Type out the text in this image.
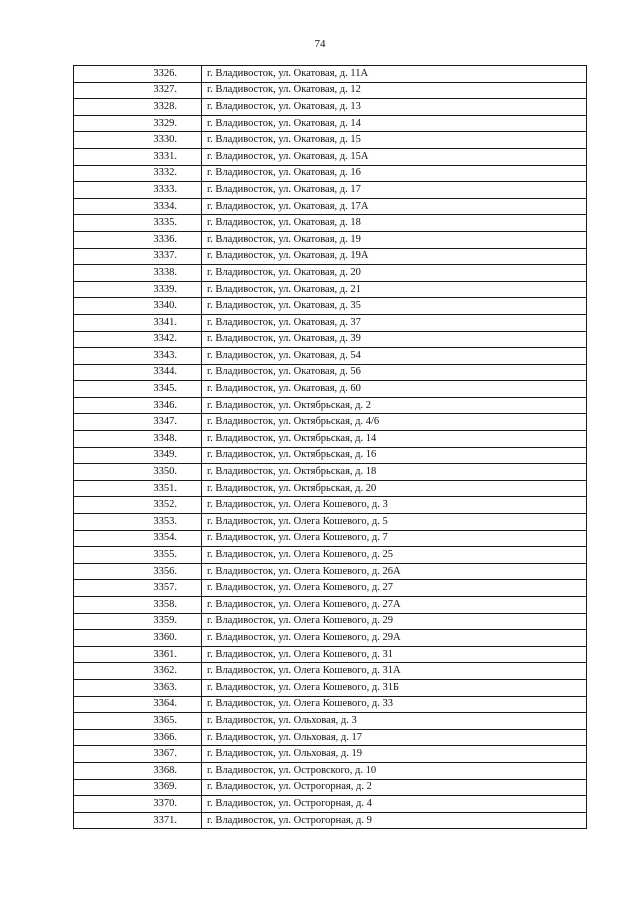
74
3326.	г. Владивосток, ул. Окатовая, д. 11А
3327.	г. Владивосток, ул. Окатовая, д. 12
3328.	г. Владивосток, ул. Окатовая, д. 13
3329.	г. Владивосток, ул. Окатовая, д. 14
3330.	г. Владивосток, ул. Окатовая, д. 15
3331.	г. Владивосток, ул. Окатовая, д. 15А
3332.	г. Владивосток, ул. Окатовая, д. 16
3333.	г. Владивосток, ул. Окатовая, д. 17
3334.	г. Владивосток, ул. Окатовая, д. 17А
3335.	г. Владивосток, ул. Окатовая, д. 18
3336.	г. Владивосток, ул. Окатовая, д. 19
3337.	г. Владивосток, ул. Окатовая, д. 19А
3338.	г. Владивосток, ул. Окатовая, д. 20
3339.	г. Владивосток, ул. Окатовая, д. 21
3340.	г. Владивосток, ул. Окатовая, д. 35
3341.	г. Владивосток, ул. Окатовая, д. 37
3342.	г. Владивосток, ул. Окатовая, д. 39
3343.	г. Владивосток, ул. Окатовая, д. 54
3344.	г. Владивосток, ул. Окатовая, д. 56
3345.	г. Владивосток, ул. Окатовая, д. 60
3346.	г. Владивосток, ул. Октябрьская, д. 2
3347.	г. Владивосток, ул. Октябрьская, д. 4/6
3348.	г. Владивосток, ул. Октябрьская, д. 14
3349.	г. Владивосток, ул. Октябрьская, д. 16
3350.	г. Владивосток, ул. Октябрьская, д. 18
3351.	г. Владивосток, ул. Октябрьская, д. 20
3352.	г. Владивосток, ул. Олега Кошевого, д. 3
3353.	г. Владивосток, ул. Олега Кошевого, д. 5
3354.	г. Владивосток, ул. Олега Кошевого, д. 7
3355.	г. Владивосток, ул. Олега Кошевого, д. 25
3356.	г. Владивосток, ул. Олега Кошевого, д. 26А
3357.	г. Владивосток, ул. Олега Кошевого, д. 27
3358.	г. Владивосток, ул. Олега Кошевого, д. 27А
3359.	г. Владивосток, ул. Олега Кошевого, д. 29
3360.	г. Владивосток, ул. Олега Кошевого, д. 29А
3361.	г. Владивосток, ул. Олега Кошевого, д. 31
3362.	г. Владивосток, ул. Олега Кошевого, д. 31А
3363.	г. Владивосток, ул. Олега Кошевого, д. 31Б
3364.	г. Владивосток, ул. Олега Кошевого, д. 33
3365.	г. Владивосток, ул. Ольховая, д. 3
3366.	г. Владивосток, ул. Ольховая, д. 17
3367.	г. Владивосток, ул. Ольховая, д. 19
3368.	г. Владивосток, ул. Островского, д. 10
3369.	г. Владивосток, ул. Острогорная, д. 2
3370.	г. Владивосток, ул. Острогорная, д. 4
3371.	г. Владивосток, ул. Острогорная, д. 9
